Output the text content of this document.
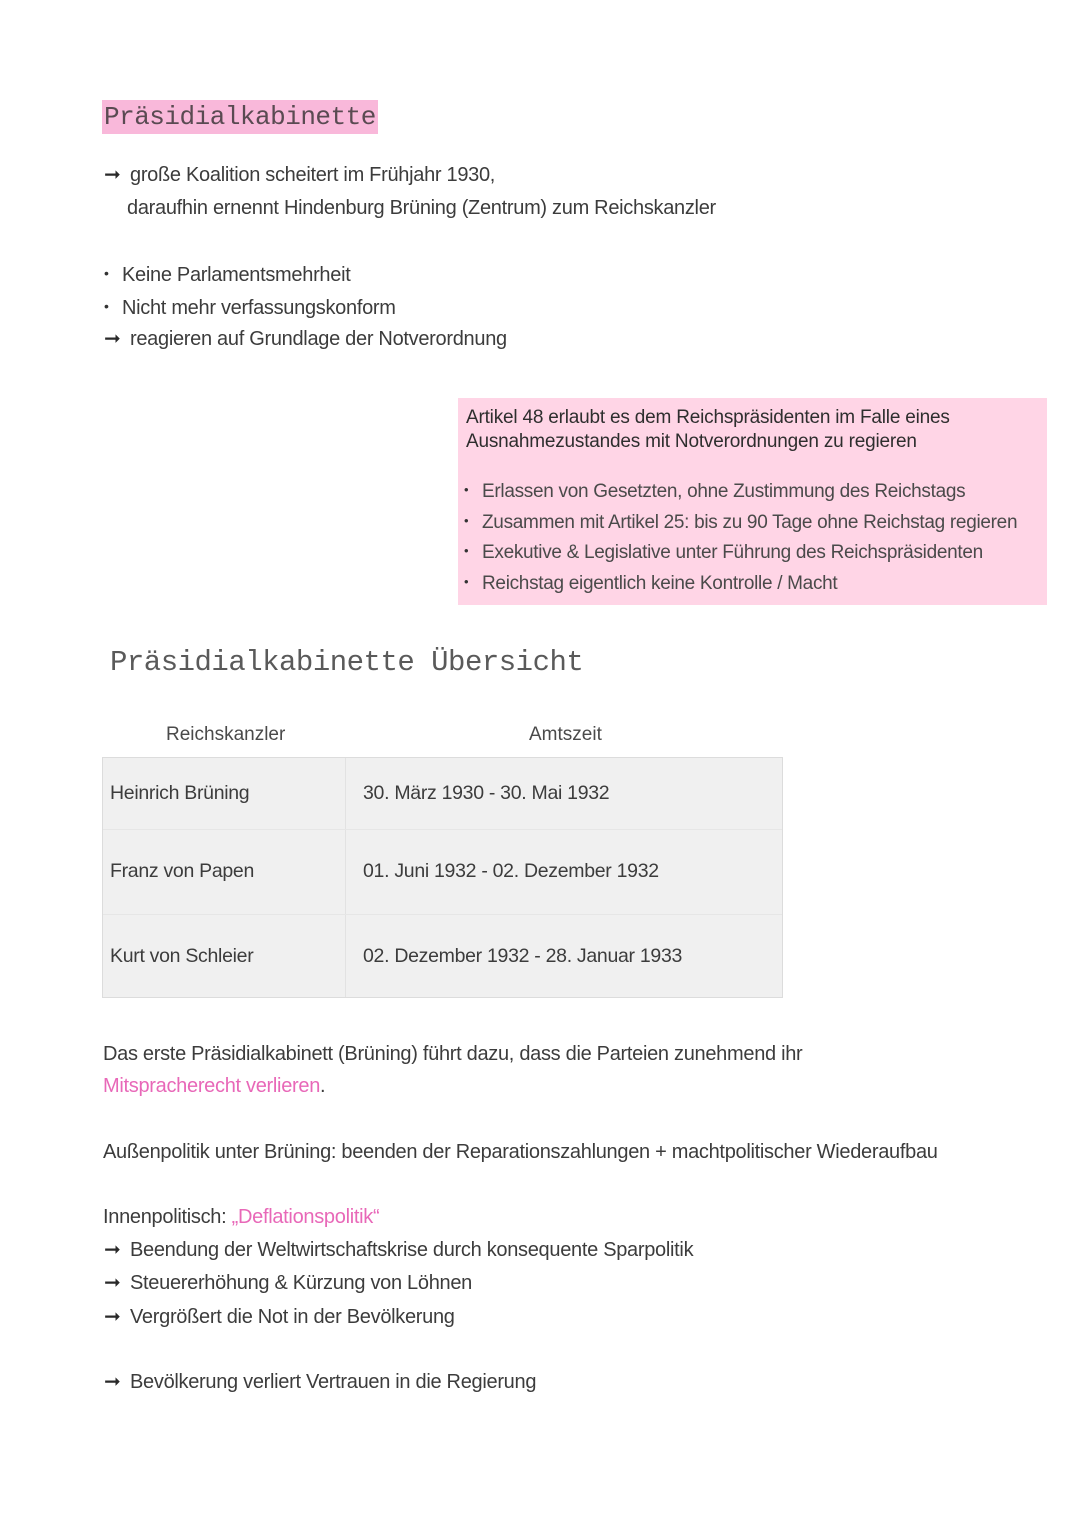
Präsidialkabinette
➞ große Koalition scheitert im Frühjahr 1930,
daraufhin ernennt Hindenburg Brüning (Zentrum) zum Reichskanzler
• Keine Parlamentsmehrheit
• Nicht mehr verfassungskonform
➞ reagieren auf Grundlage der Notverordnung
Artikel 48 erlaubt es dem Reichspräsidenten im Falle eines
Ausnahmezustandes mit Notverordnungen zu regieren
• Erlassen von Gesetzten, ohne Zustimmung des Reichstags
• Zusammen mit Artikel 25: bis zu 90 Tage ohne Reichstag regieren
• Exekutive & Legislative unter Führung des Reichspräsidenten
• Reichstag eigentlich keine Kontrolle / Macht
Präsidialkabinette Übersicht
Reichskanzler	Amtszeit
Heinrich Brüning	30. März 1930 - 30. Mai 1932
Franz von Papen	01. Juni 1932 - 02. Dezember 1932
Kurt von Schleier	02. Dezember 1932 - 28. Januar 1933
Das erste Präsidialkabinett (Brüning) führt dazu, dass die Parteien zunehmend ihr
Mitspracherecht verlieren.
Außenpolitik unter Brüning: beenden der Reparationszahlungen + machtpolitischer Wiederaufbau
Innenpolitisch: „Deflationspolitik“
➞ Beendung der Weltwirtschaftskrise durch konsequente Sparpolitik
➞ Steuererhöhung & Kürzung von Löhnen
➞ Vergrößert die Not in der Bevölkerung
➞ Bevölkerung verliert Vertrauen in die Regierung
